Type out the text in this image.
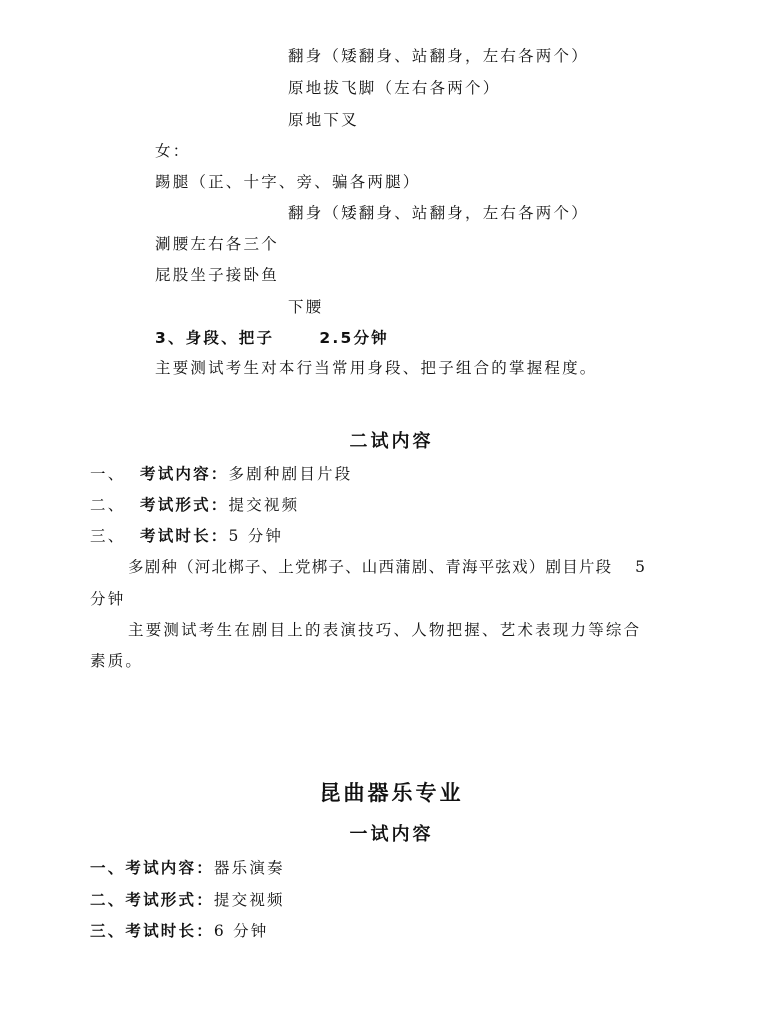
翻身（矮翻身、站翻身，左右各两个）
原地拔飞脚（左右各两个）
原地下叉
女：
踢腿（正、十字、旁、骗各两腿）
翻身（矮翻身、站翻身，左右各两个）
涮腰左右各三个
屁股坐子接卧鱼
下腰
3、身段、把子	2.5分钟
主要测试考生对本行当常用身段、把子组合的掌握程度。
二试内容
一、 考试内容：多剧种剧目片段
二、 考试形式：提交视频
三、 考试时长：5 分钟
多剧种（河北梆子、上党梆子、山西蒲剧、青海平弦戏）剧目片段　 5
分钟
主要测试考生在剧目上的表演技巧、人物把握、艺术表现力等综合
素质。
昆曲器乐专业
一试内容
一、考试内容：器乐演奏
二、考试形式：提交视频
三、考试时长：6 分钟
